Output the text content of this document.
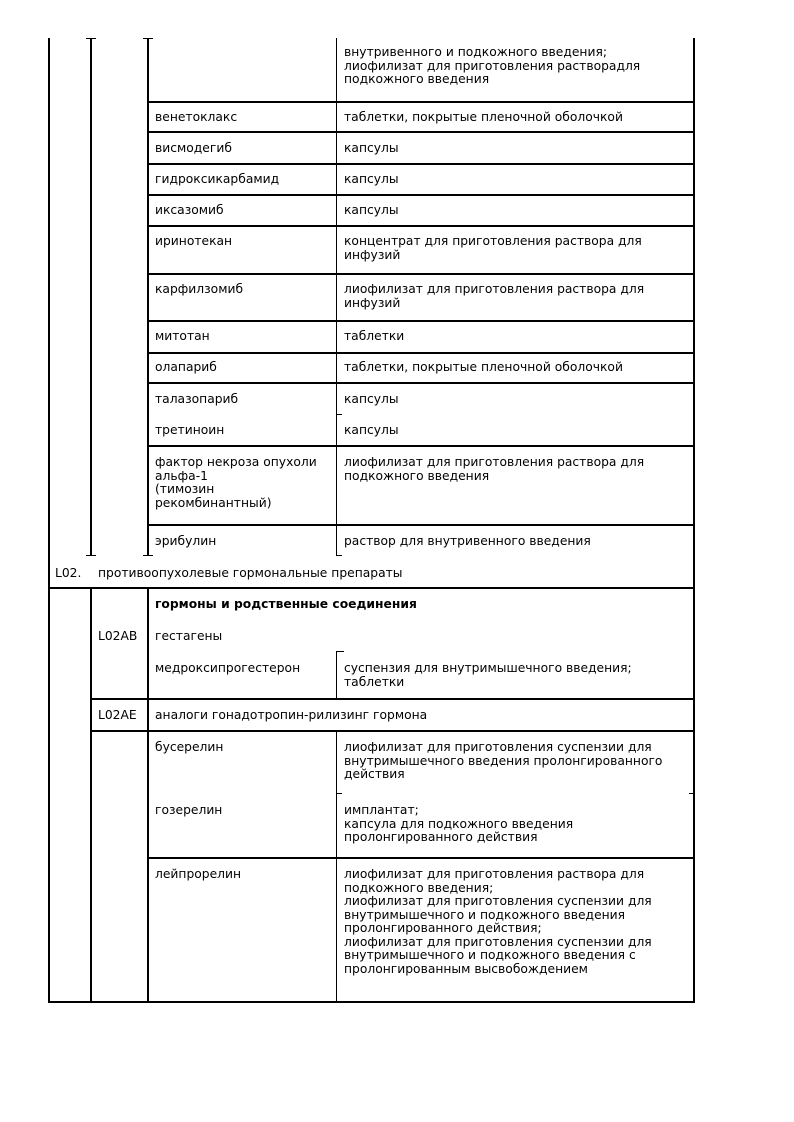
внутривенного и подкожного введения;
лиофилизат для приготовления растворадля
подкожного введения
венетоклакс	таблетки, покрытые пленочной оболочкой
висмодегиб	капсулы
гидроксикарбамид	капсулы
иксазомиб	капсулы
иринотекан	концентрат для приготовления раствора для
инфузий
карфилзомиб	лиофилизат для приготовления раствора для
инфузий
митотан	таблетки
олапариб	таблетки, покрытые пленочной оболочкой
талазопариб	капсулы
третиноин	капсулы
фактор некроза опухоли
альфа-1
(тимозин
рекомбинантный)
лиофилизат для приготовления раствора для
подкожного введения
эрибулин	раствор для внутривенного введения
L02. противоопухолевые гормональные препараты
гормоны и родственные соединения
L02AB гестагены
медроксипрогестерон	суспензия для внутримышечного введения;
таблетки
L02AE аналоги гонадотропин-рилизинг гормона
бусерелин	лиофилизат для приготовления суспензии для
внутримышечного введения пролонгированного
действия
гозерелин	имплантат;
капсула для подкожного введения
пролонгированного действия
лейпрорелин	лиофилизат для приготовления раствора для
подкожного введения;
лиофилизат для приготовления суспензии для
внутримышечного и подкожного введения
пролонгированного действия;
лиофилизат для приготовления суспензии для
внутримышечного и подкожного введения с
пролонгированным высвобождением
